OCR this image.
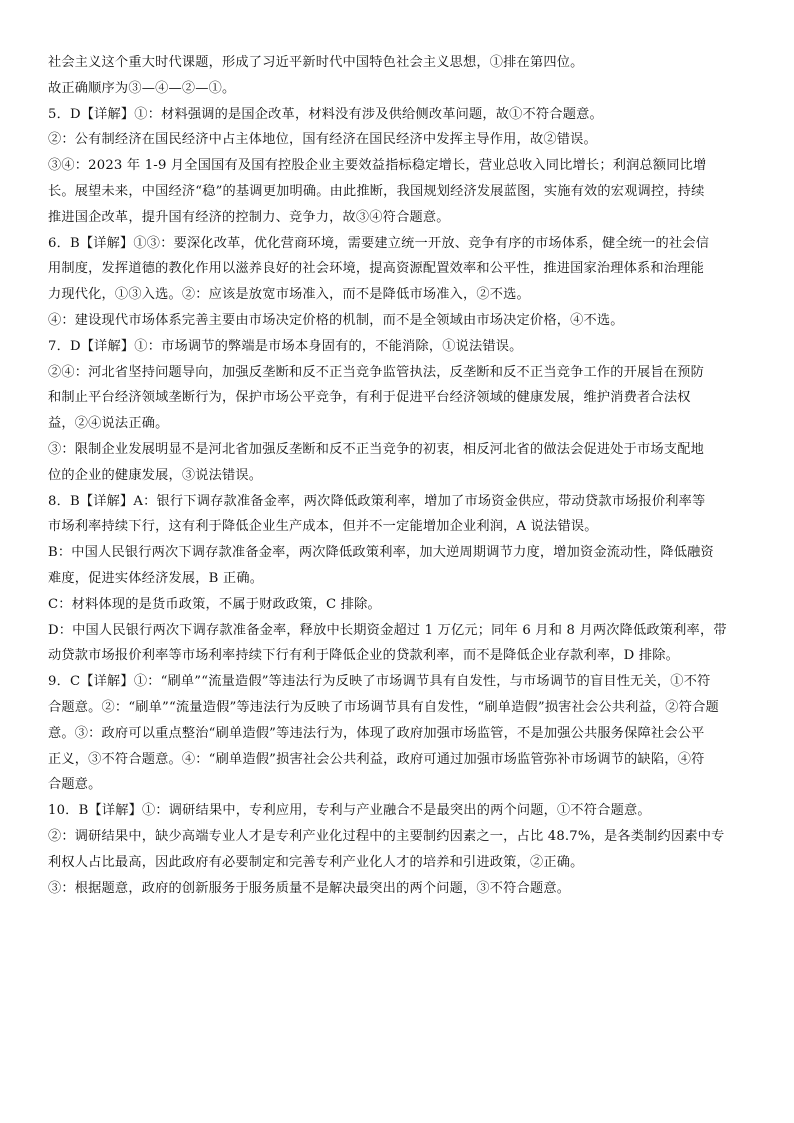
社会主义这个重大时代课题，形成了习近平新时代中国特色社会主义思想，①排在第四位。
故正确顺序为③—④—②—①。
5．D【详解】①：材料强调的是国企改革，材料没有涉及供给侧改革问题，故①不符合题意。
②：公有制经济在国民经济中占主体地位，国有经济在国民经济中发挥主导作用，故②错误。
③④：2023 年 1-9 月全国国有及国有控股企业主要效益指标稳定增长，营业总收入同比增长；利润总额同比增
长。展望未来，中国经济“稳”的基调更加明确。由此推断，我国规划经济发展蓝图，实施有效的宏观调控，持续
推进国企改革，提升国有经济的控制力、竞争力，故③④符合题意。
6．B【详解】①③：要深化改革，优化营商环境，需要建立统一开放、竞争有序的市场体系，健全统一的社会信
用制度，发挥道德的教化作用以滋养良好的社会环境，提高资源配置效率和公平性，推进国家治理体系和治理能
力现代化，①③入选。②：应该是放宽市场准入，而不是降低市场准入，②不选。
④：建设现代市场体系完善主要由市场决定价格的机制，而不是全领域由市场决定价格，④不选。
7．D【详解】①：市场调节的弊端是市场本身固有的，不能消除，①说法错误。
②④：河北省坚持问题导向，加强反垄断和反不正当竞争监管执法，反垄断和反不正当竞争工作的开展旨在预防
和制止平台经济领域垄断行为，保护市场公平竞争，有利于促进平台经济领域的健康发展，维护消费者合法权
益，②④说法正确。
③：限制企业发展明显不是河北省加强反垄断和反不正当竞争的初衷，相反河北省的做法会促进处于市场支配地
位的企业的健康发展，③说法错误。
8．B【详解】A：银行下调存款准备金率，两次降低政策利率，增加了市场资金供应，带动贷款市场报价利率等
市场利率持续下行，这有利于降低企业生产成本，但并不一定能增加企业利润，A 说法错误。
B：中国人民银行两次下调存款准备金率，两次降低政策利率，加大逆周期调节力度，增加资金流动性，降低融资
难度，促进实体经济发展，B 正确。
C：材料体现的是货币政策，不属于财政政策，C 排除。
D：中国人民银行两次下调存款准备金率，释放中长期资金超过 1 万亿元；同年 6 月和 8 月两次降低政策利率，带
动贷款市场报价利率等市场利率持续下行有利于降低企业的贷款利率，而不是降低企业存款利率，D 排除。
9．C【详解】①：“刷单”“流量造假”等违法行为反映了市场调节具有自发性，与市场调节的盲目性无关，①不符
合题意。②：“刷单”“流量造假”等违法行为反映了市场调节具有自发性，“刷单造假”损害社会公共利益，②符合题
意。③：政府可以重点整治“刷单造假”等违法行为，体现了政府加强市场监管，不是加强公共服务保障社会公平
正义，③不符合题意。④：“刷单造假”损害社会公共利益，政府可通过加强市场监管弥补市场调节的缺陷，④符
合题意。
10．B【详解】①：调研结果中，专利应用，专利与产业融合不是最突出的两个问题，①不符合题意。
②：调研结果中，缺少高端专业人才是专利产业化过程中的主要制约因素之一，占比 48.7%，是各类制约因素中专
利权人占比最高，因此政府有必要制定和完善专利产业化人才的培养和引进政策，②正确。
③：根据题意，政府的创新服务于服务质量不是解决最突出的两个问题，③不符合题意。
